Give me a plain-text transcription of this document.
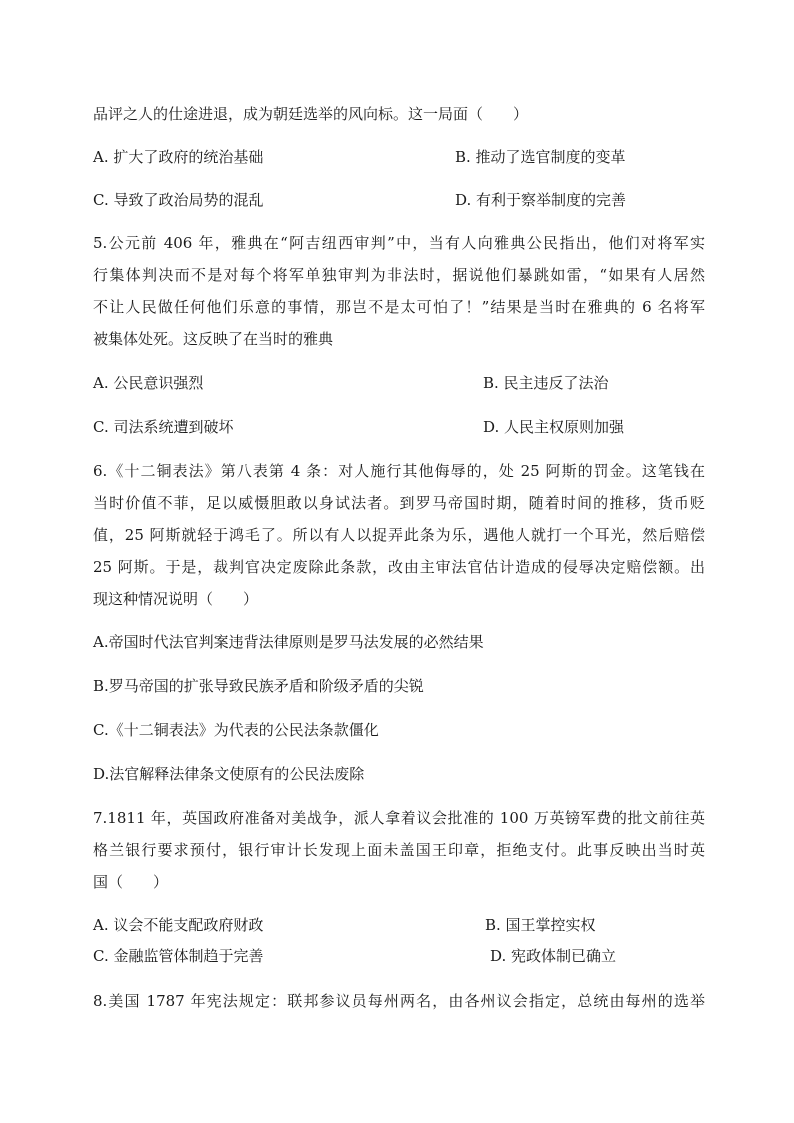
品评之人的仕途进退，成为朝廷选举的风向标。这一局面（　　）
A. 扩大了政府的统治基础	B. 推动了选官制度的变革
C. 导致了政治局势的混乱	D. 有利于察举制度的完善
5.公元前 406 年，雅典在“阿吉纽西审判”中，当有人向雅典公民指出，他们对将军实
行集体判决而不是对每个将军单独审判为非法时，据说他们暴跳如雷，“如果有人居然
不让人民做任何他们乐意的事情，那岂不是太可怕了！”结果是当时在雅典的 6 名将军
被集体处死。这反映了在当时的雅典
A. 公民意识强烈	B. 民主违反了法治
C. 司法系统遭到破坏	D. 人民主权原则加强
6.《十二铜表法》第八表第 4 条：对人施行其他侮辱的，处 25 阿斯的罚金。这笔钱在
当时价值不菲，足以威慑胆敢以身试法者。到罗马帝国时期，随着时间的推移，货币贬
值，25 阿斯就轻于鸿毛了。所以有人以捉弄此条为乐，遇他人就打一个耳光，然后赔偿
25 阿斯。于是，裁判官决定废除此条款，改由主审法官估计造成的侵辱决定赔偿额。出
现这种情况说明（　　）
A.帝国时代法官判案违背法律原则是罗马法发展的必然结果
B.罗马帝国的扩张导致民族矛盾和阶级矛盾的尖锐
C.《十二铜表法》为代表的公民法条款僵化
D.法官解释法律条文使原有的公民法废除
7.1811 年，英国政府准备对美战争，派人拿着议会批准的 100 万英镑军费的批文前往英
格兰银行要求预付，银行审计长发现上面未盖国王印章，拒绝支付。此事反映出当时英
国（　　）
A. 议会不能支配政府财政	B. 国王掌控实权
C. 金融监管体制趋于完善	D. 宪政体制已确立
8.美国 1787 年宪法规定：联邦参议员每州两名，由各州议会指定，总统由每州的选举
